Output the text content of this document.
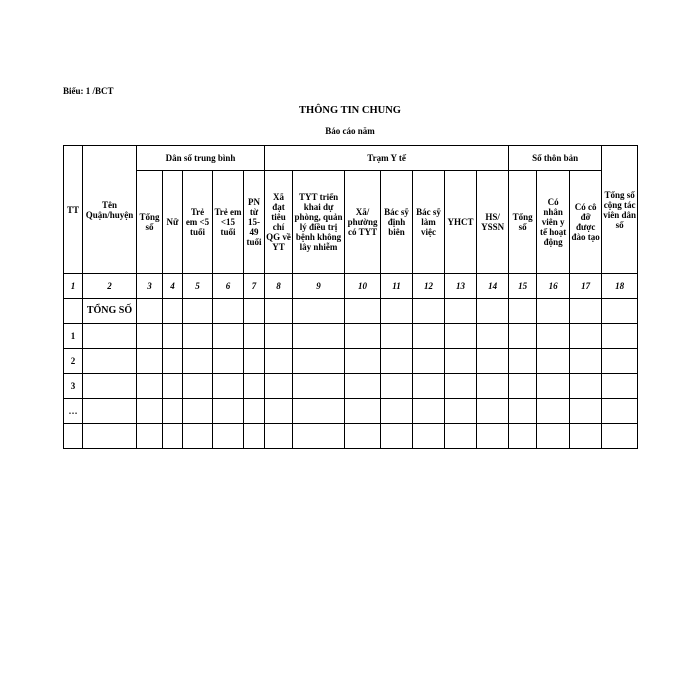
Biểu: 1 /BCT
THÔNG TIN CHUNG
Báo cáo năm
TT	Tên Quận/huyện	Dân số trung bình					Trạm Y tế							Số thôn bản			Tổng số cộng tác viên dân số
		Tổng số	Nữ	Trẻ em <5 tuổi	Trẻ em <15 tuổi	PN từ 15-49 tuổi	Xã đạt tiêu chí QG về YT	TYT triển khai dự phòng, quản lý điều trị bệnh không lây nhiễm	Xã/ phường có TYT	Bác sỹ định biên	Bác sỹ làm việc	YHCT	HS/ YSSN	Tổng số	Có nhân viên y tế hoạt động	Có cô đỡ được đào tạo	
1	2	3	4	5	6	7	8	9	10	11	12	13	14	15	16	17	18
	TỔNG SỐ																
1																	
2																	
3																	
…																	
